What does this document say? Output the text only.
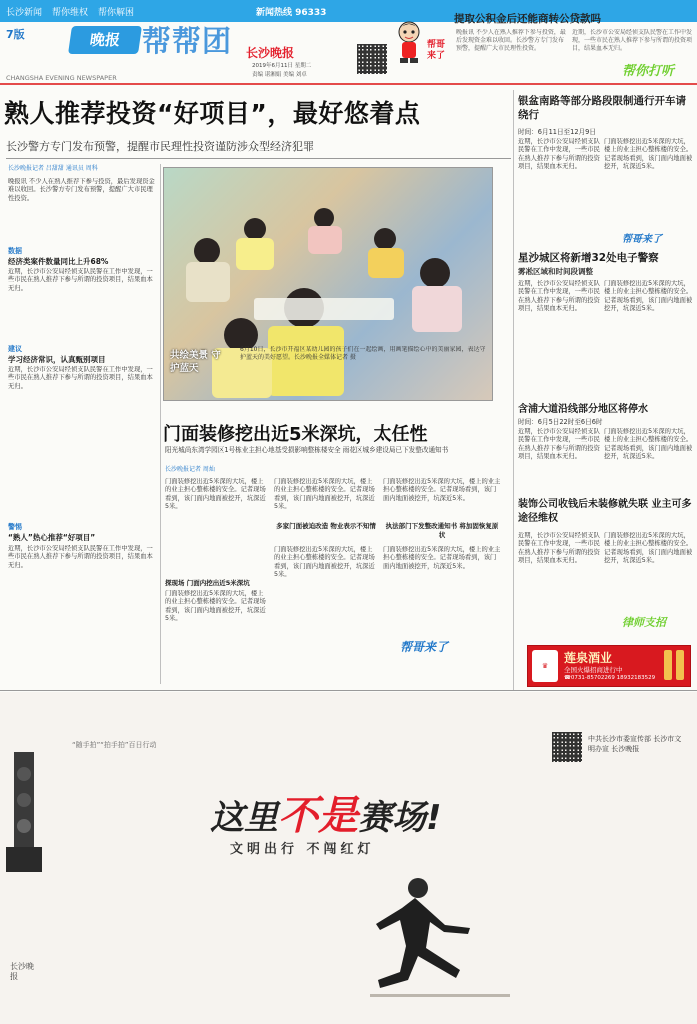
长沙新闻 帮你维权 帮你解困	新闻热线 96333
7版	晚报 帮帮团
CHANGSHA EVENING NEWSPAPER
长沙晚报
2019年6月11日 星期二
责编 谌湘娟 美编 刘卓
帮哥来了
提取公积金后还能商转公贷款吗
晚报讯 不少人在熟人推荐下参与投资，最后发现资金难以收回。长沙警方专门发布预警，提醒广大市民理性投资。
近期，长沙市公安局经侦支队民警在工作中发现，一些市民在熟人推荐下参与所谓的投资项目，结果血本无归。
帮你打听
熟人推荐投资“好项目”，最好悠着点
长沙警方专门发布预警，提醒市民理性投资谨防涉众型经济犯罪
长沙晚报记者 吕甜甜 通讯员 周科
晚报讯 不少人在熟人推荐下参与投资，最后发现资金难以收回。长沙警方专门发布预警，提醒广大市民理性投资。
数据
经济类案件数量同比上升68%
近期，长沙市公安局经侦支队民警在工作中发现，一些市民在熟人推荐下参与所谓的投资项目，结果血本无归。
建议
学习经济常识，认真甄别项目
近期，长沙市公安局经侦支队民警在工作中发现，一些市民在熟人推荐下参与所谓的投资项目，结果血本无归。
警惕
“熟人”热心推荐“好项目”
近期，长沙市公安局经侦支队民警在工作中发现，一些市民在熟人推荐下参与所谓的投资项目，结果血本无归。
共绘美景 守护蓝天
6月10日，长沙市开福区某幼儿园的孩子们在一起绘画，用画笔描绘心中的美丽家园，表达守护蓝天的美好愿望。长沙晚报全媒体记者 摄
门面装修挖出近5米深坑，太任性
阳光城尚东湾学园区1号栋业主担心地基受损影响整栋楼安全 雨花区城乡建设局已下发整改通知书
长沙晚报记者 周灿
门面装修挖出近5米深的大坑，楼上的业主担心整栋楼的安全。记者现场看到，该门面内地面被挖开，坑深近5米。
探现场 门面内挖出近5米深坑
门面装修挖出近5米深的大坑，楼上的业主担心整栋楼的安全。记者现场看到，该门面内地面被挖开，坑深近5米。
门面装修挖出近5米深的大坑，楼上的业主担心整栋楼的安全。记者现场看到，该门面内地面被挖开，坑深近5米。
多家门面被迫改造 物业表示不知情
门面装修挖出近5米深的大坑，楼上的业主担心整栋楼的安全。记者现场看到，该门面内地面被挖开，坑深近5米。
门面装修挖出近5米深的大坑，楼上的业主担心整栋楼的安全。记者现场看到，该门面内地面被挖开，坑深近5米。
执法部门下发整改通知书 将加固恢复原状
门面装修挖出近5米深的大坑，楼上的业主担心整栋楼的安全。记者现场看到，该门面内地面被挖开，坑深近5米。
帮哥来了
银盆南路等部分路段限制通行开车请绕行
时间：6月11日至12月9日
近期，长沙市公安局经侦支队民警在工作中发现，一些市民在熟人推荐下参与所谓的投资项目，结果血本无归。
门面装修挖出近5米深的大坑，楼上的业主担心整栋楼的安全。记者现场看到，该门面内地面被挖开，坑深近5米。
帮哥来了
星沙城区将新增32处电子警察
雾凇区域和时间段调整
近期，长沙市公安局经侦支队民警在工作中发现，一些市民在熟人推荐下参与所谓的投资项目，结果血本无归。
门面装修挖出近5米深的大坑，楼上的业主担心整栋楼的安全。记者现场看到，该门面内地面被挖开，坑深近5米。
含浦大道沿线部分地区将停水
时间：6月5日22时至6日6时
近期，长沙市公安局经侦支队民警在工作中发现，一些市民在熟人推荐下参与所谓的投资项目，结果血本无归。
门面装修挖出近5米深的大坑，楼上的业主担心整栋楼的安全。记者现场看到，该门面内地面被挖开，坑深近5米。
装饰公司收钱后未装修就失联 业主可多途径维权
近期，长沙市公安局经侦支队民警在工作中发现，一些市民在熟人推荐下参与所谓的投资项目，结果血本无归。
门面装修挖出近5米深的大坑，楼上的业主担心整栋楼的安全。记者现场看到，该门面内地面被挖开，坑深近5米。
律师支招
♛
莲泉酒业
全国火爆招商进行中
☎0731-85702269 18932183529
“随手拍”“拍手拍”百日行动
中共长沙市委宣传部 长沙市文明办宣 长沙晚报
这里不是赛场!
文明出行 不闯红灯
长沙晚报
